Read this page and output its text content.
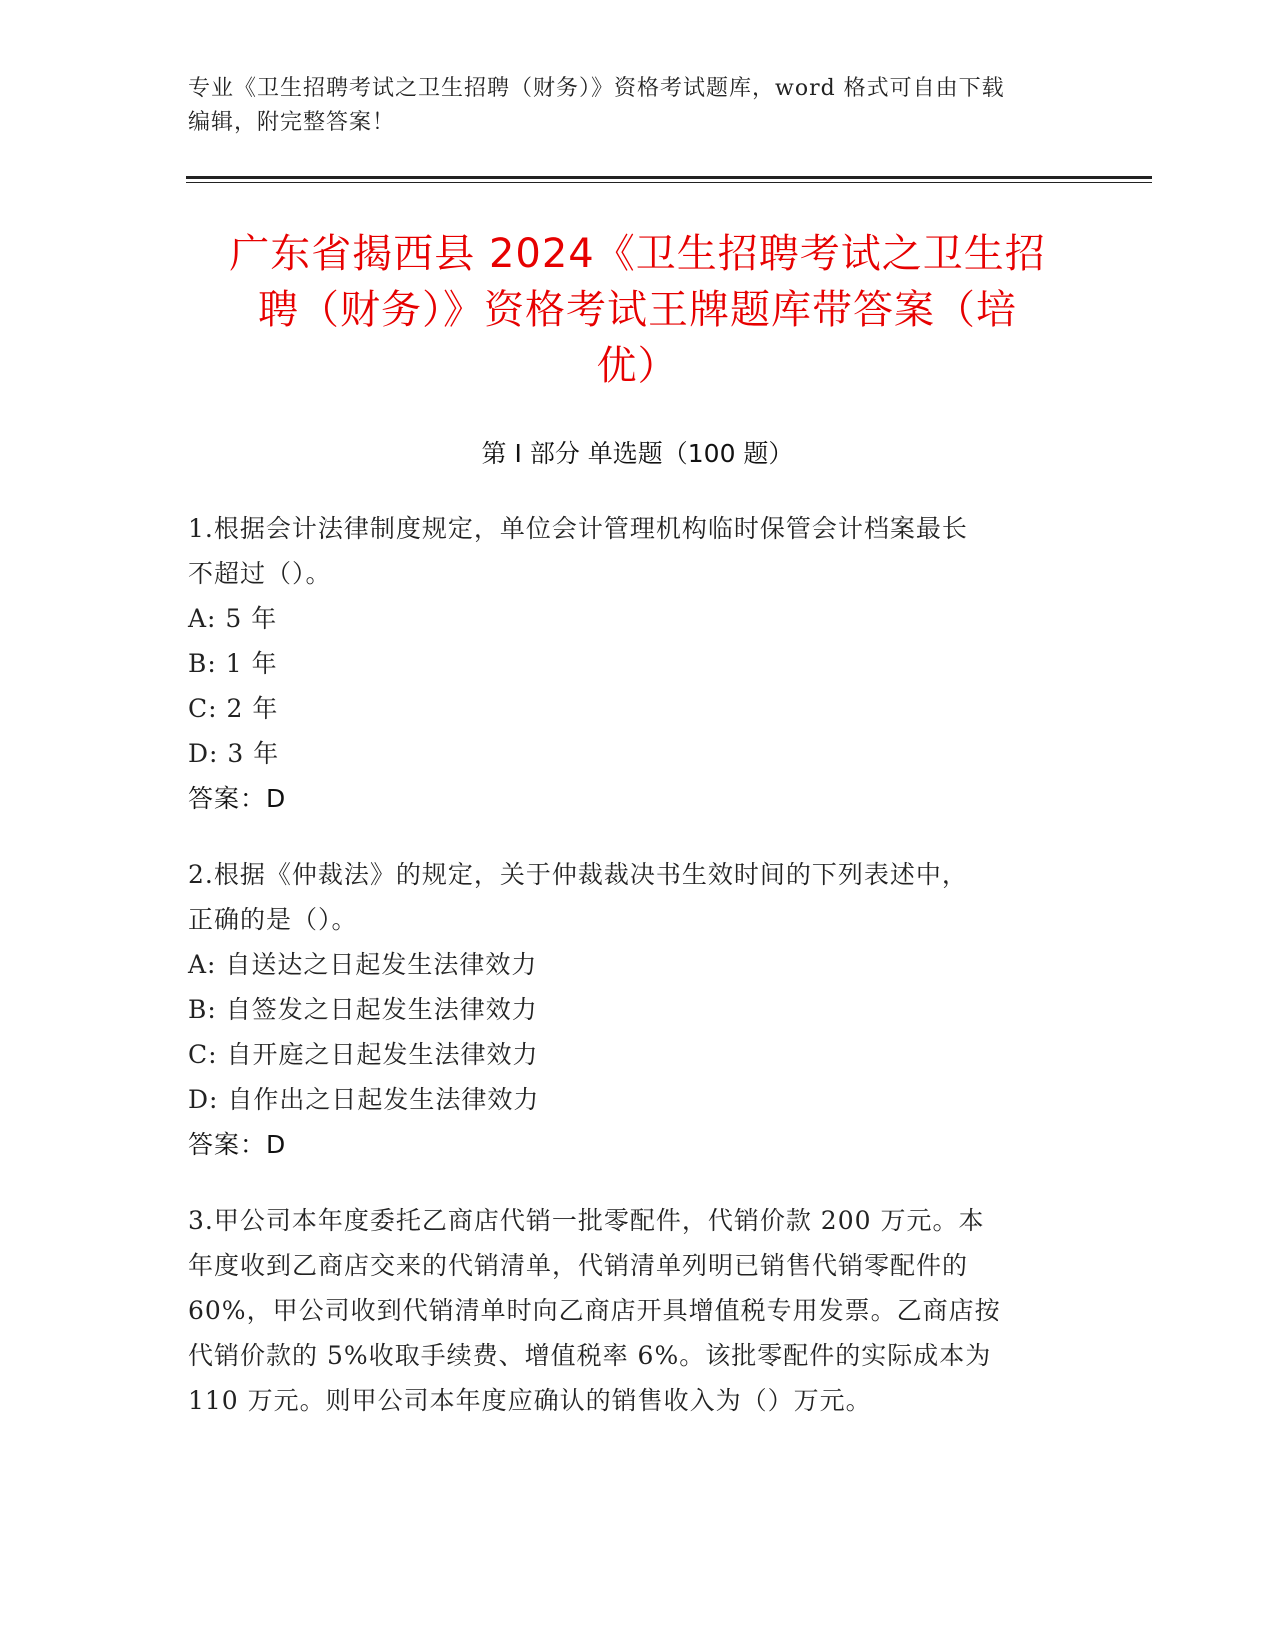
专业《卫生招聘考试之卫生招聘（财务）》资格考试题库，word 格式可自由下载
编辑，附完整答案！
广东省揭西县 2024《卫生招聘考试之卫生招
聘（财务）》资格考试王牌题库带答案（培
优）
第 I 部分 单选题（100 题）
1.根据会计法律制度规定，单位会计管理机构临时保管会计档案最长
不超过（）。
A: 5 年
B: 1 年
C: 2 年
D: 3 年
答案：D
2.根据《仲裁法》的规定，关于仲裁裁决书生效时间的下列表述中，
正确的是（）。
A: 自送达之日起发生法律效力
B: 自签发之日起发生法律效力
C: 自开庭之日起发生法律效力
D: 自作出之日起发生法律效力
答案：D
3.甲公司本年度委托乙商店代销一批零配件，代销价款 200 万元。本
年度收到乙商店交来的代销清单，代销清单列明已销售代销零配件的
60%，甲公司收到代销清单时向乙商店开具增值税专用发票。乙商店按
代销价款的 5%收取手续费、增值税率 6%。该批零配件的实际成本为
110 万元。则甲公司本年度应确认的销售收入为（）万元。
